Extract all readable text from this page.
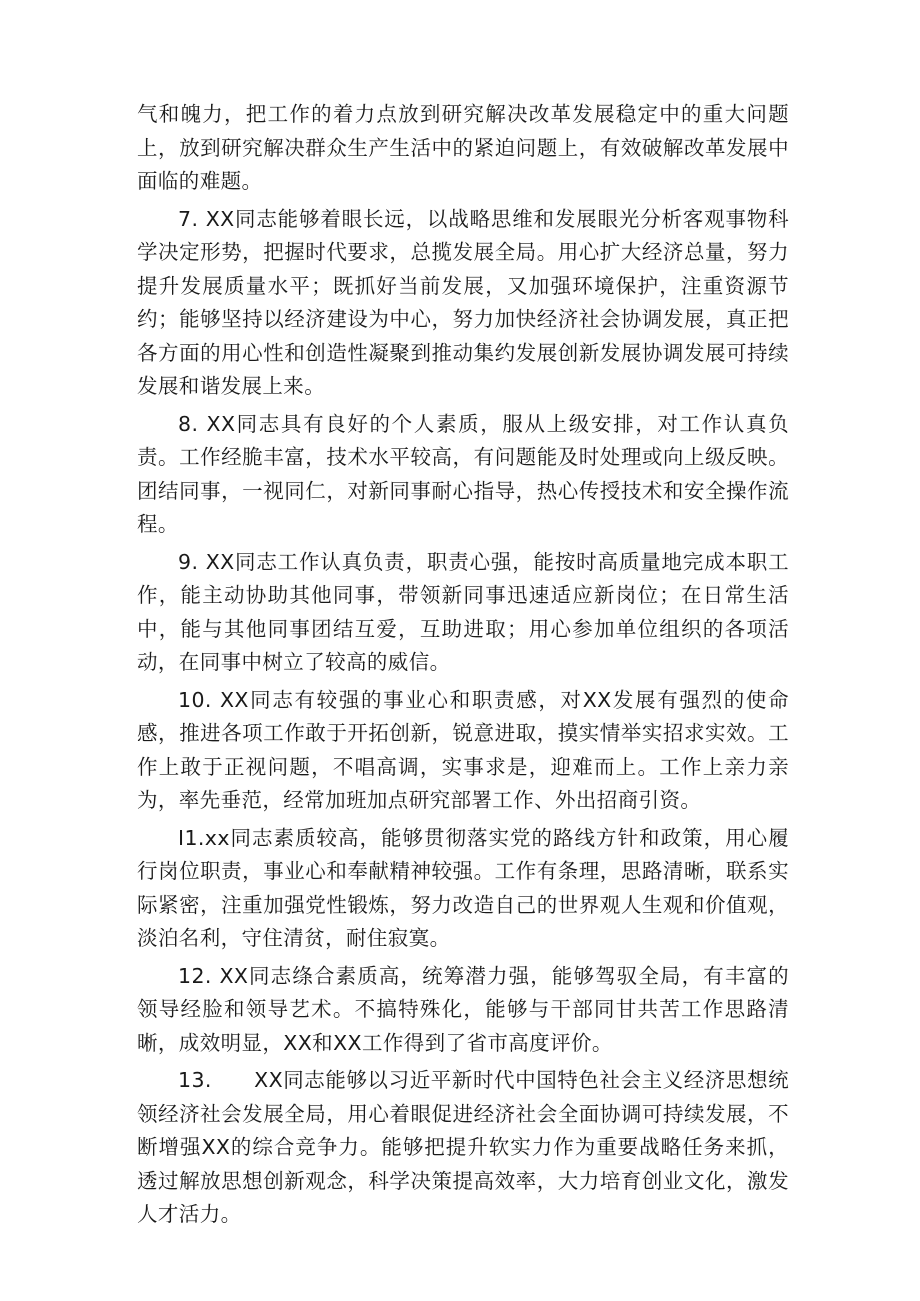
气和魄力，把工作的着力点放到研究解决改革发展稳定中的重大问题上，放到研究解决群众生产生活中的紧迫问题上，有效破解改革发展中面临的难题。

7. XX同志能够着眼长远，以战略思维和发展眼光分析客观事物科学决定形势，把握时代要求，总揽发展全局。用心扩大经济总量，努力提升发展质量水平；既抓好当前发展，又加强环境保护，注重资源节约；能够坚持以经济建设为中心，努力加快经济社会协调发展，真正把各方面的用心性和创造性凝聚到推动集约发展创新发展协调发展可持续发展和谐发展上来。

8. XX同志具有良好的个人素质，服从上级安排，对工作认真负责。工作经脆丰富，技术水平较高，有问题能及时处理或向上级反映。团结同事，一视同仁，对新同事耐心指导，热心传授技术和安全操作流程。

9. XX同志工作认真负责，职责心强，能按时高质量地完成本职工作，能主动协助其他同事，带领新同事迅速适应新岗位；在日常生活中，能与其他同事团结互爱，互助进取；用心参加单位组织的各项活动，在同事中树立了较高的威信。

10. XX同志有较强的事业心和职责感，对XX发展有强烈的使命感，推进各项工作敢于开拓创新，锐意进取，摸实情举实招求实效。工作上敢于正视问题，不唱高调，实事求是，迎难而上。工作上亲力亲为，率先垂范，经常加班加点研究部署工作、外出招商引资。

I1.xx同志素质较高，能够贯彻落实党的路线方针和政策，用心履行岗位职责，事业心和奉献精神较强。工作有条理，思路清晰，联系实际紧密，注重加强党性锻炼，努力改造自己的世界观人生观和价值观，淡泊名利，守住清贫，耐住寂寞。

12. XX同志绦合素质高，统筹潜力强，能够驾驭全局，有丰富的领导经脸和领导艺术。不搞特殊化，能够与干部同甘共苦工作思路清晰，成效明显，XX和XX工作得到了省市高度评价。

13.　　XX同志能够以习近平新时代中国特色社会主义经济思想统领经济社会发展全局，用心着眼促进经济社会全面协调可持续发展，不断增强XX的综合竞争力。能够把提升软实力作为重要战略任务来抓，透过解放思想创新观念，科学决策提高效率，大力培育创业文化，激发人才活力。
